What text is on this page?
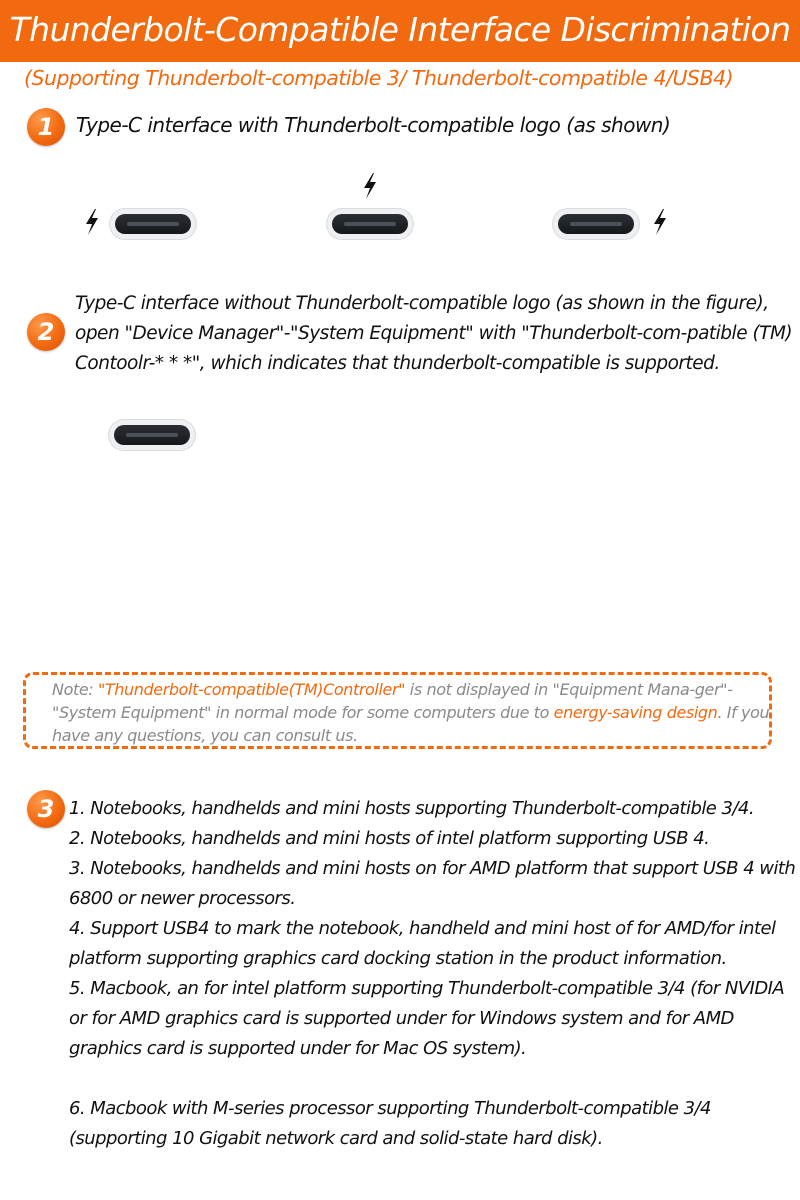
Thunderbolt-Compatible Interface Discrimination
(Supporting Thunderbolt-compatible 3/ Thunderbolt-compatible 4/USB4)
1	Type-C interface with Thunderbolt-compatible logo (as shown)
2
Type-C interface without Thunderbolt-compatible logo (as shown in the figure), open "Device Manager"-"System Equipment" with "Thunderbolt-com-patible (TM) Contoolr-* * *", which indicates that thunderbolt-compatible is supported.
Note: "Thunderbolt-compatible(TM)Controller" is not displayed in "Equipment Mana-ger"-"System Equipment" in normal mode for some computers due to energy-saving design. If you have any questions, you can consult us.
3 1. Notebooks, handhelds and mini hosts supporting Thunderbolt-compatible 3/4.
2. Notebooks, handhelds and mini hosts of intel platform supporting USB 4.
3. Notebooks, handhelds and mini hosts on for AMD platform that support USB 4 with 6800 or newer processors.
4. Support USB4 to mark the notebook, handheld and mini host of for AMD/for intel platform supporting graphics card docking station in the product information.
5. Macbook, an for intel platform supporting Thunderbolt-compatible 3/4 (for NVIDIA or for AMD graphics card is supported under for Windows system and for AMD graphics card is supported under for Mac OS system).
6. Macbook with M-series processor supporting Thunderbolt-compatible 3/4 (supporting 10 Gigabit network card and solid-state hard disk).
